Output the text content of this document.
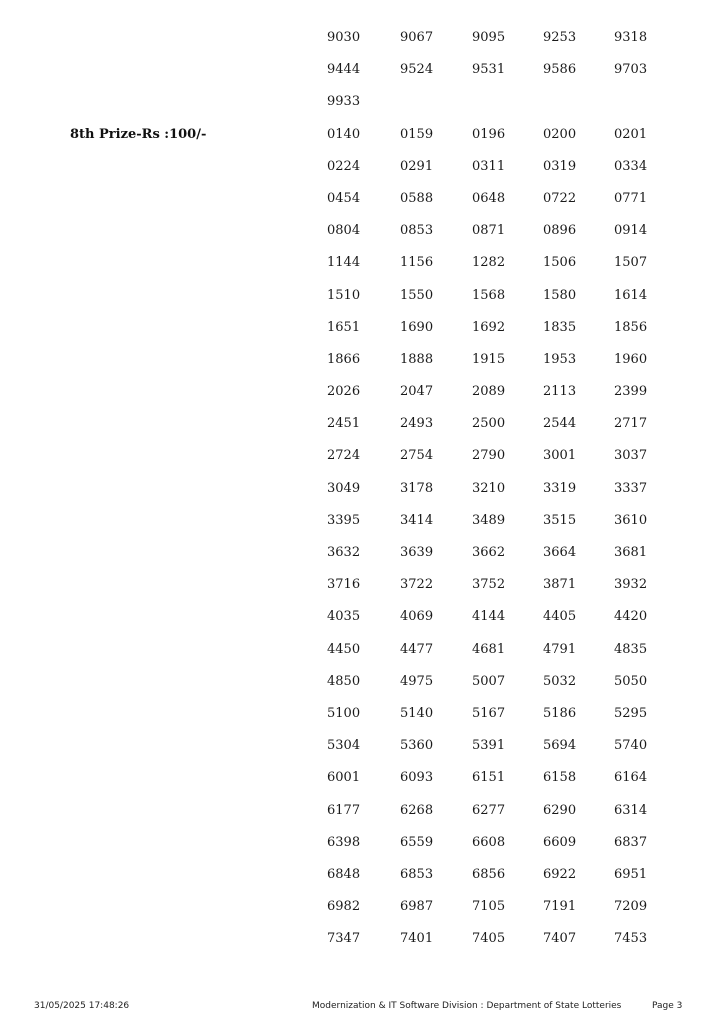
9030	9067	9095	9253	9318
9444	9524	9531	9586	9703
9933
8th Prize-Rs :100/-	0140	0159	0196	0200	0201
0224	0291	0311	0319	0334
0454	0588	0648	0722	0771
0804	0853	0871	0896	0914
1144	1156	1282	1506	1507
1510	1550	1568	1580	1614
1651	1690	1692	1835	1856
1866	1888	1915	1953	1960
2026	2047	2089	2113	2399
2451	2493	2500	2544	2717
2724	2754	2790	3001	3037
3049	3178	3210	3319	3337
3395	3414	3489	3515	3610
3632	3639	3662	3664	3681
3716	3722	3752	3871	3932
4035	4069	4144	4405	4420
4450	4477	4681	4791	4835
4850	4975	5007	5032	5050
5100	5140	5167	5186	5295
5304	5360	5391	5694	5740
6001	6093	6151	6158	6164
6177	6268	6277	6290	6314
6398	6559	6608	6609	6837
6848	6853	6856	6922	6951
6982	6987	7105	7191	7209
7347	7401	7405	7407	7453
31/05/2025 17:48:26	Modernization & IT Software Division : Department of State Lotteries	Page 3
